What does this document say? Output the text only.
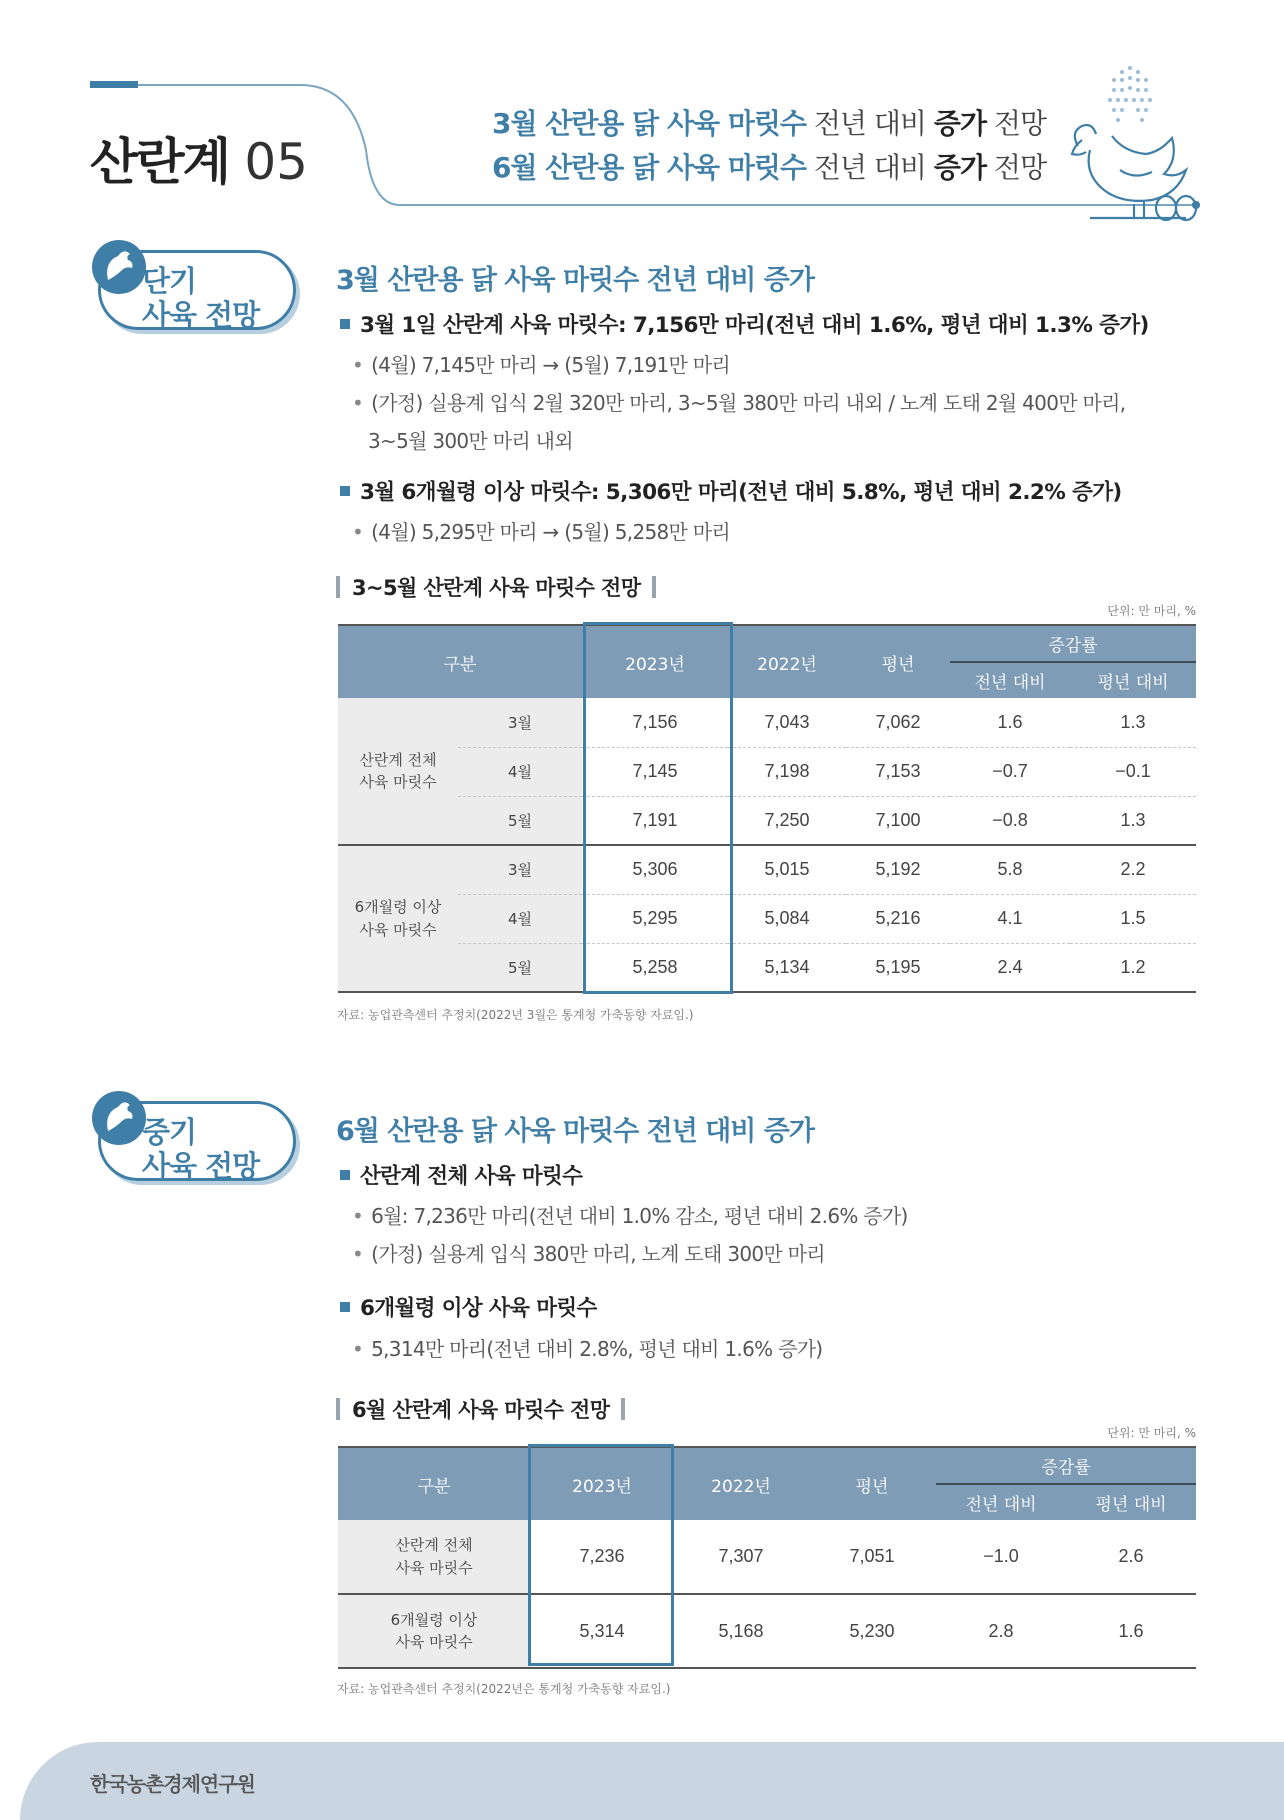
산란계 05
3월 산란용 닭 사육 마릿수 전년 대비 증가 전망
6월 산란용 닭 사육 마릿수 전년 대비 증가 전망
단기
사육 전망
3월 산란용 닭 사육 마릿수 전년 대비 증가
3월 1일 산란계 사육 마릿수: 7,156만 마리(전년 대비 1.6%, 평년 대비 1.3% 증가)
• (4월) 7,145만 마리 → (5월) 7,191만 마리
• (가정) 실용계 입식 2월 320만 마리, 3~5월 380만 마리 내외 / 노계 도태 2월 400만 마리,
3~5월 300만 마리 내외
3월 6개월령 이상 마릿수: 5,306만 마리(전년 대비 5.8%, 평년 대비 2.2% 증가)
• (4월) 5,295만 마리 → (5월) 5,258만 마리
3~5월 산란계 사육 마릿수 전망
단위: 만 마리, %
구분		2023년	2022년	평년	증감률	
					전년 대비	평년 대비
산란계 전체
사육 마릿수	3월	7,156	7,043	7,062	1.6	1.3
	4월	7,145	7,198	7,153	−0.7	−0.1
	5월	7,191	7,250	7,100	−0.8	1.3
6개월령 이상
사육 마릿수	3월	5,306	5,015	5,192	5.8	2.2
	4월	5,295	5,084	5,216	4.1	1.5
	5월	5,258	5,134	5,195	2.4	1.2
자료: 농업관측센터 추정치(2022년 3월은 통계청 가축동향 자료임.)
중기
사육 전망
6월 산란용 닭 사육 마릿수 전년 대비 증가
산란계 전체 사육 마릿수
• 6월: 7,236만 마리(전년 대비 1.0% 감소, 평년 대비 2.6% 증가)
• (가정) 실용계 입식 380만 마리, 노계 도태 300만 마리
6개월령 이상 사육 마릿수
• 5,314만 마리(전년 대비 2.8%, 평년 대비 1.6% 증가)
6월 산란계 사육 마릿수 전망
단위: 만 마리, %
구분	2023년	2022년	평년	증감률	
				전년 대비	평년 대비
산란계 전체
사육 마릿수	7,236	7,307	7,051	−1.0	2.6
6개월령 이상
사육 마릿수	5,314	5,168	5,230	2.8	1.6
자료: 농업관측센터 추정치(2022년은 통계청 가축동향 자료임.)
한국농촌경제연구원
